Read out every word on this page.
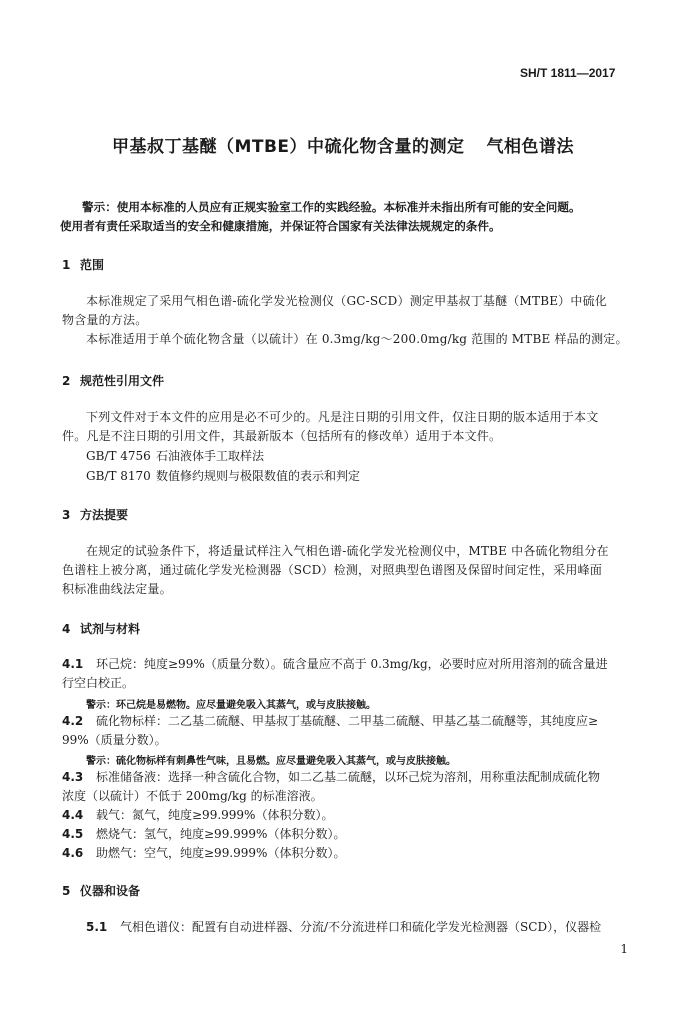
SH/T 1811—2017
甲基叔丁基醚（MTBE）中硫化物含量的测定 气相色谱法
警示：使用本标准的人员应有正规实验室工作的实践经验。本标准并未指出所有可能的安全问题。
使用者有责任采取适当的安全和健康措施，并保证符合国家有关法律法规规定的条件。
1 范围
本标准规定了采用气相色谱-硫化学发光检测仪（GC-SCD）测定甲基叔丁基醚（MTBE）中硫化
物含量的方法。
本标准适用于单个硫化物含量（以硫计）在 0.3mg/kg～200.0mg/kg 范围的 MTBE 样品的测定。
2 规范性引用文件
下列文件对于本文件的应用是必不可少的。凡是注日期的引用文件，仅注日期的版本适用于本文
件。凡是不注日期的引用文件，其最新版本（包括所有的修改单）适用于本文件。
GB/T 4756 石油液体手工取样法
GB/T 8170 数值修约规则与极限数值的表示和判定
3 方法提要
在规定的试验条件下，将适量试样注入气相色谱-硫化学发光检测仪中，MTBE 中各硫化物组分在
色谱柱上被分离，通过硫化学发光检测器（SCD）检测，对照典型色谱图及保留时间定性，采用峰面
积标准曲线法定量。
4 试剂与材料
4.1 环己烷：纯度≥99%（质量分数）。硫含量应不高于 0.3mg/kg，必要时应对所用溶剂的硫含量进
行空白校正。
警示：环己烷是易燃物。应尽量避免吸入其蒸气，或与皮肤接触。
4.2 硫化物标样：二乙基二硫醚、甲基叔丁基硫醚、二甲基二硫醚、甲基乙基二硫醚等，其纯度应≥
99%（质量分数）。
警示：硫化物标样有刺鼻性气味，且易燃。应尽量避免吸入其蒸气，或与皮肤接触。
4.3 标准储备液：选择一种含硫化合物，如二乙基二硫醚，以环己烷为溶剂，用称重法配制成硫化物
浓度（以硫计）不低于 200mg/kg 的标准溶液。
4.4 载气：氮气，纯度≥99.999%（体积分数）。
4.5 燃烧气：氢气，纯度≥99.999%（体积分数）。
4.6 助燃气：空气，纯度≥99.999%（体积分数）。
5 仪器和设备
5.1 气相色谱仪：配置有自动进样器、分流/不分流进样口和硫化学发光检测器（SCD），仪器检
1
